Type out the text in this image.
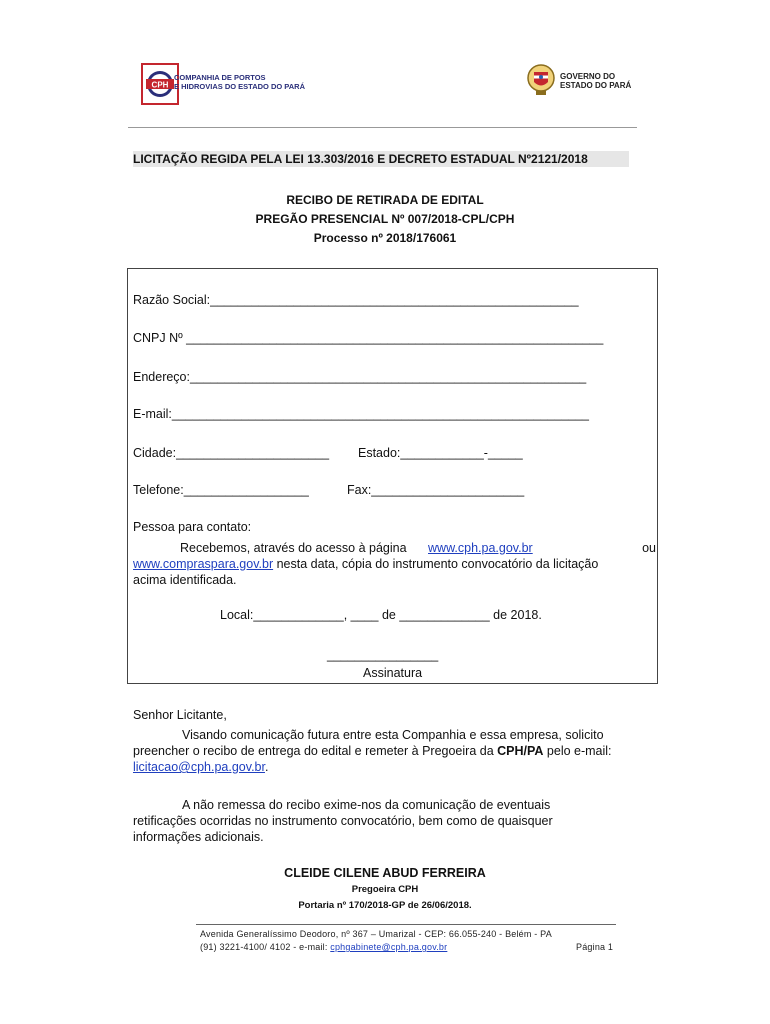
CPH
COMPANHIA DE PORTOS
E HIDROVIAS DO ESTADO DO PARÁ
GOVERNO DO
ESTADO DO PARÁ
LICITAÇÃO REGIDA PELA LEI 13.303/2016 E DECRETO ESTADUAL Nº2121/2018
RECIBO DE RETIRADA DE EDITAL
PREGÃO PRESENCIAL Nº 007/2018-CPL/CPH
Processo nº 2018/176061
Razão Social:_____________________________________________________
CNPJ Nº ____________________________________________________________
Endereço:_________________________________________________________
E-mail:____________________________________________________________
Cidade:______________________ Estado:____________-_____
Telefone:__________________	Fax:______________________
Pessoa para contato:
Recebemos, através do acesso à página www.cph.pa.gov.br	ou
www.compraspara.gov.br nesta data, cópia do instrumento convocatório da licitação
acima identificada.
Local:_____________, ____ de _____________ de 2018.
________________
Assinatura
Senhor Licitante,
Visando comunicação futura entre esta Companhia e essa empresa, solicito
preencher o recibo de entrega do edital e remeter à Pregoeira da CPH/PA pelo e-mail:
licitacao@cph.pa.gov.br.
A não remessa do recibo exime-nos da comunicação de eventuais
retificações ocorridas no instrumento convocatório, bem como de quaisquer
informações adicionais.
CLEIDE CILENE ABUD FERREIRA
Pregoeira CPH
Portaria nº 170/2018-GP de 26/06/2018.
Avenida Generalíssimo Deodoro, nº 367 – Umarizal - CEP: 66.055-240 - Belém - PA
(91) 3221-4100/ 4102 - e-mail: cphgabinete@cph.pa.gov.br	Página 1
